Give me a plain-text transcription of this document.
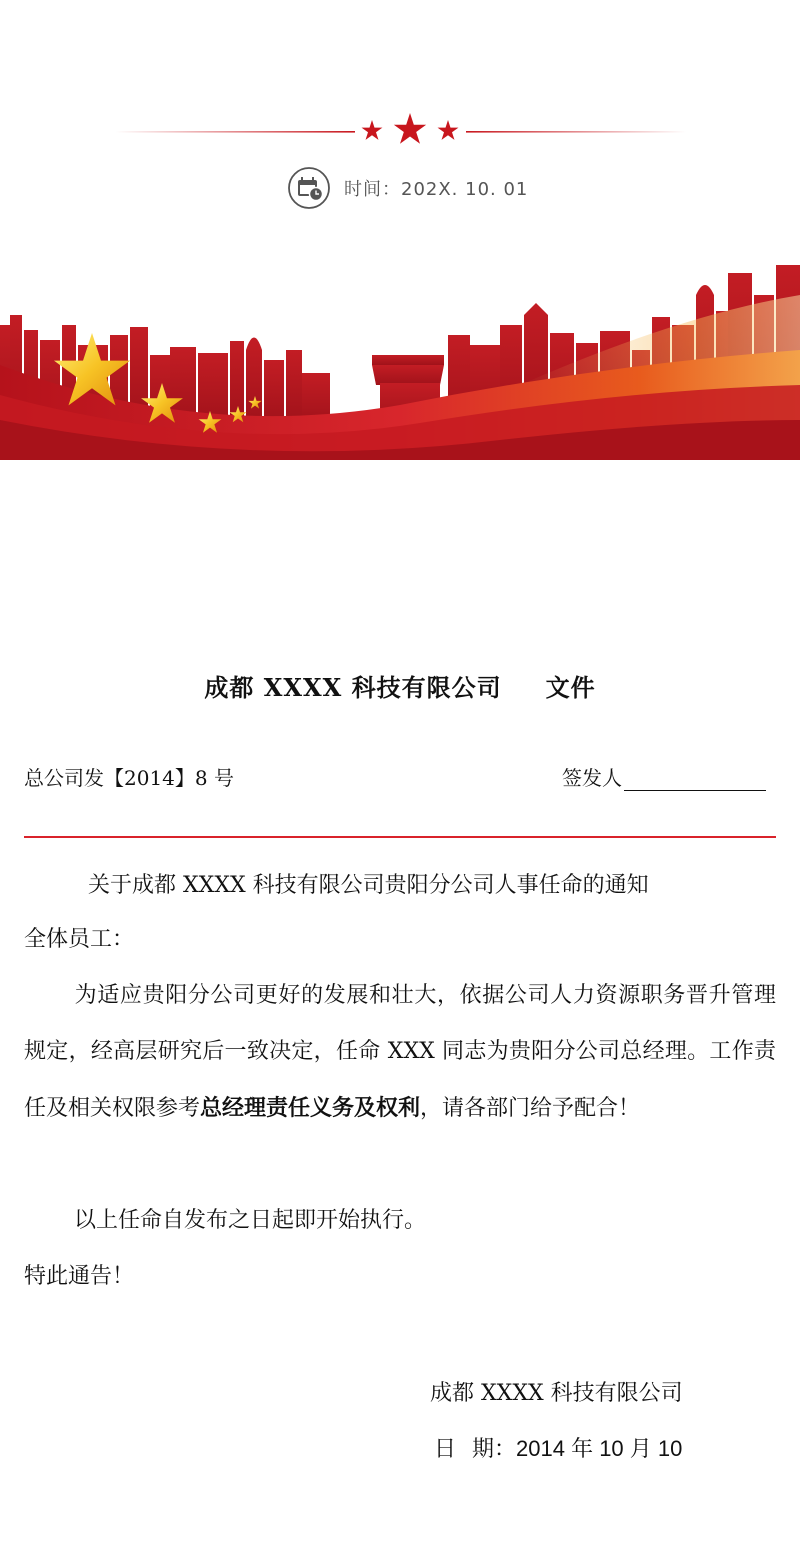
时间：202X. 10. 01
成都 XXXX 科技有限公司 文件
总公司发【2014】8 号	签发人
关于成都 XXXX 科技有限公司贵阳分公司人事任命的通知
全体员工：
为适应贵阳分公司更好的发展和壮大，依据公司人力资源职务晋升管理规定，经高层研究后一致决定，任命 XXX 同志为贵阳分公司总经理。工作责任及相关权限参考总经理责任义务及权利，请各部门给予配合！
以上任命自发布之日起即开始执行。
特此通告！
成都 XXXX 科技有限公司
日 期：2014 年 10 月 10
